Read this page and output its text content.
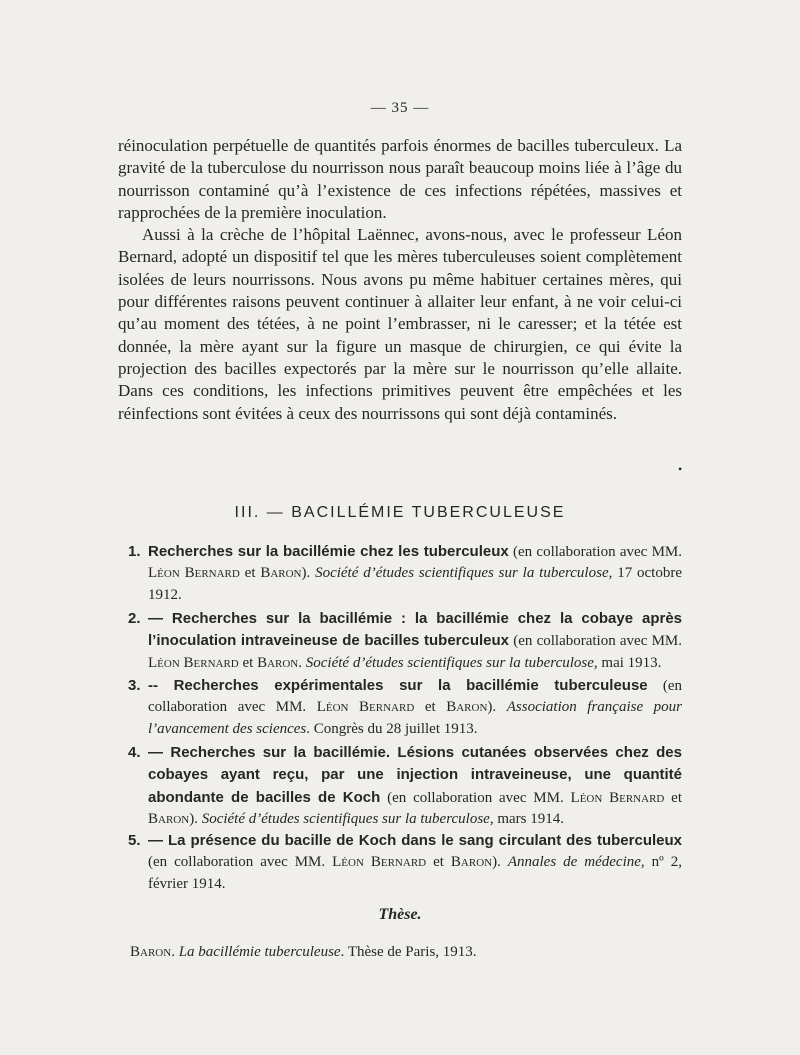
— 35 —

réinoculation perpétuelle de quantités parfois énormes de bacilles tuberculeux. La gravité de la tuberculose du nourrisson nous paraît beaucoup moins liée à l’âge du nourrisson contaminé qu’à l’existence de ces infections répétées, massives et rapprochées de la première inoculation.

Aussi à la crèche de l’hôpital Laënnec, avons-nous, avec le professeur Léon Bernard, adopté un dispositif tel que les mères tuberculeuses soient complètement isolées de leurs nourrissons. Nous avons pu même habituer certaines mères, qui pour différentes raisons peuvent continuer à allaiter leur enfant, à ne voir celui-ci qu’au moment des tétées, à ne point l’embrasser, ni le caresser; et la tétée est donnée, la mère ayant sur la figure un masque de chirurgien, ce qui évite la projection des bacilles expectorés par la mère sur le nourrisson qu’elle allaite. Dans ces conditions, les infections primitives peuvent être empêchées et les réinfections sont évitées à ceux des nourrissons qui sont déjà contaminés.

•
III. — BACILLÉMIE TUBERCULEUSE
1. Recherches sur la bacillémie chez les tuberculeux (en collaboration avec MM. Léon Bernard et Baron). Société d’études scientifiques sur la tuberculose, 17 octobre 1912.
2. — Recherches sur la bacillémie : la bacillémie chez la cobaye après l’inoculation intraveineuse de bacilles tuberculeux (en collaboration avec MM. Léon Bernard et Baron. Société d’études scientifiques sur la tuberculose, mai 1913.
3. -- Recherches expérimentales sur la bacillémie tuberculeuse (en collaboration avec MM. Léon Bernard et Baron). Association française pour l’avancement des sciences. Congrès du 28 juillet 1913.
4. — Recherches sur la bacillémie. Lésions cutanées observées chez des cobayes ayant reçu, par une injection intraveineuse, une quantité abondante de bacilles de Koch (en collaboration avec MM. Léon Bernard et Baron). Société d’études scientifiques sur la tuberculose, mars 1914.
5. — La présence du bacille de Koch dans le sang circulant des tuberculeux (en collaboration avec MM. Léon Bernard et Baron). Annales de médecine, nº 2, février 1914.
Thèse.
Baron. La bacillémie tuberculeuse. Thèse de Paris, 1913.
